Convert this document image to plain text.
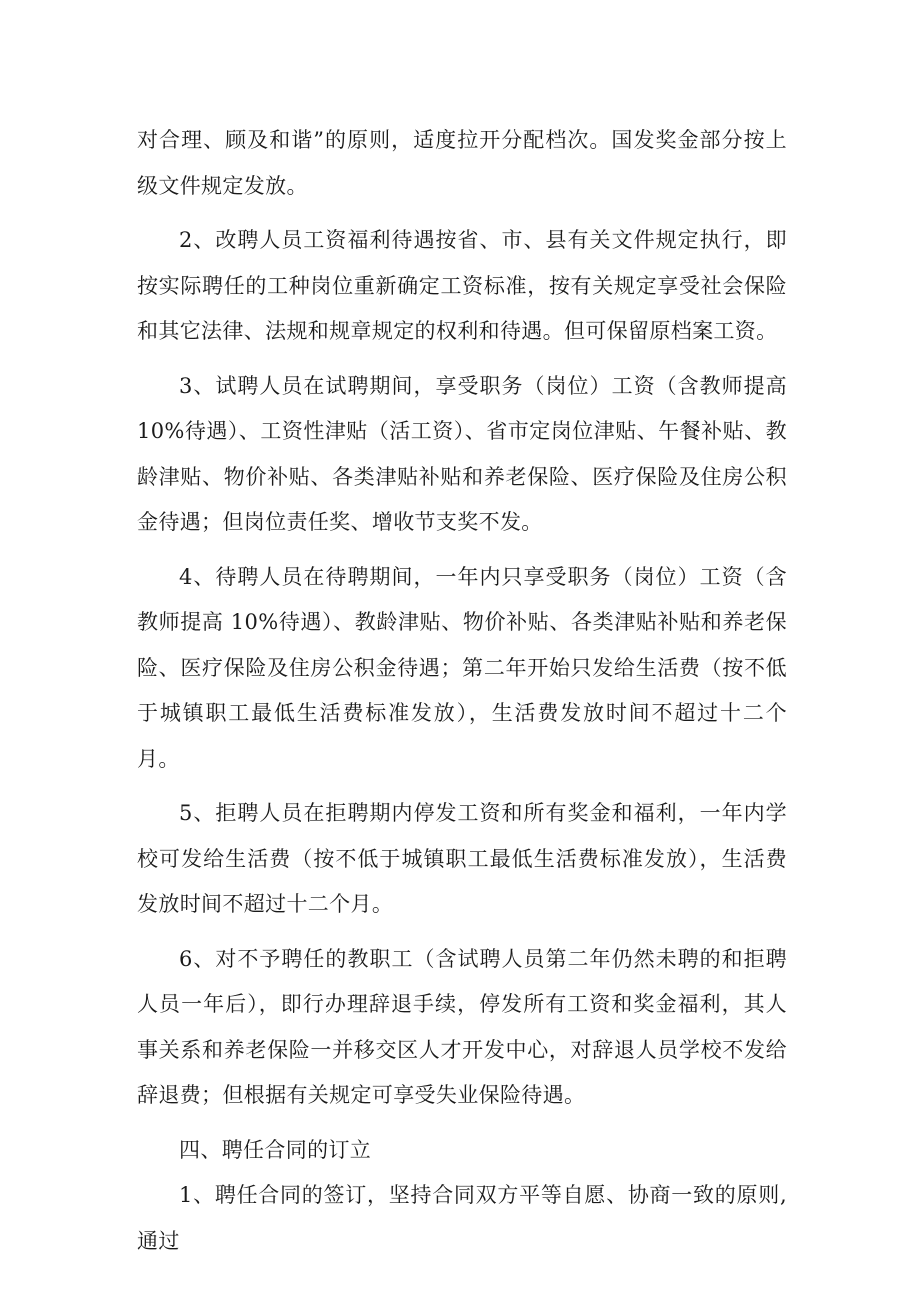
对合理、顾及和谐”的原则，适度拉开分配档次。国发奖金部分按上级文件规定发放。

2、改聘人员工资福利待遇按省、市、县有关文件规定执行，即按实际聘任的工种岗位重新确定工资标准，按有关规定享受社会保险和其它法律、法规和规章规定的权利和待遇。但可保留原档案工资。

3、试聘人员在试聘期间，享受职务（岗位）工资（含教师提高 10%待遇）、工资性津贴（活工资）、省市定岗位津贴、午餐补贴、教龄津贴、物价补贴、各类津贴补贴和养老保险、医疗保险及住房公积金待遇；但岗位责任奖、增收节支奖不发。

4、待聘人员在待聘期间，一年内只享受职务（岗位）工资（含教师提高 10%待遇）、教龄津贴、物价补贴、各类津贴补贴和养老保险、医疗保险及住房公积金待遇；第二年开始只发给生活费（按不低于城镇职工最低生活费标准发放），生活费发放时间不超过十二个月。

5、拒聘人员在拒聘期内停发工资和所有奖金和福利，一年内学校可发给生活费（按不低于城镇职工最低生活费标准发放），生活费发放时间不超过十二个月。

6、对不予聘任的教职工（含试聘人员第二年仍然未聘的和拒聘人员一年后），即行办理辞退手续，停发所有工资和奖金福利，其人事关系和养老保险一并移交区人才开发中心，对辞退人员学校不发给辞退费；但根据有关规定可享受失业保险待遇。

四、聘任合同的订立

1、聘任合同的签订，坚持合同双方平等自愿、协商一致的原则,通过
